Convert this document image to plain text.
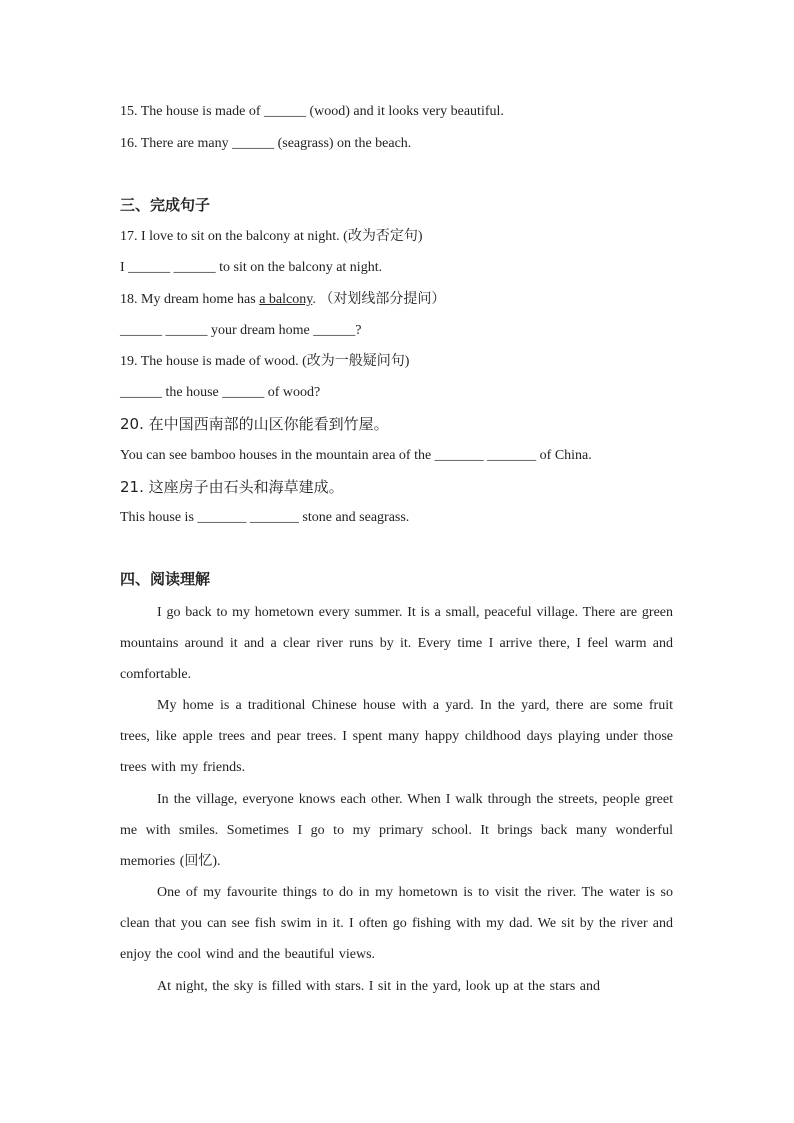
15. The house is made of ______ (wood) and it looks very beautiful.
16. There are many ______ (seagrass) on the beach.
三、完成句子
17. I love to sit on the balcony at night. (改为否定句)
I ______ ______ to sit on the balcony at night.
18. My dream home has a balcony. （对划线部分提问）
______ ______ your dream home ______?
19. The house is made of wood. (改为一般疑问句)
______ the house ______ of wood?
20. 在中国西南部的山区你能看到竹屋。
You can see bamboo houses in the mountain area of the _______ _______ of China.
21. 这座房子由石头和海草建成。
This house is _______ _______ stone and seagrass.
四、阅读理解
I go back to my hometown every summer. It is a small, peaceful village. There are green mountains around it and a clear river runs by it. Every time I arrive there, I feel warm and comfortable.
My home is a traditional Chinese house with a yard. In the yard, there are some fruit trees, like apple trees and pear trees. I spent many happy childhood days playing under those trees with my friends.
In the village, everyone knows each other. When I walk through the streets, people greet me with smiles. Sometimes I go to my primary school. It brings back many wonderful memories (回忆).
One of my favourite things to do in my hometown is to visit the river. The water is so clean that you can see fish swim in it. I often go fishing with my dad. We sit by the river and enjoy the cool wind and the beautiful views.
At night, the sky is filled with stars. I sit in the yard, look up at the stars and
